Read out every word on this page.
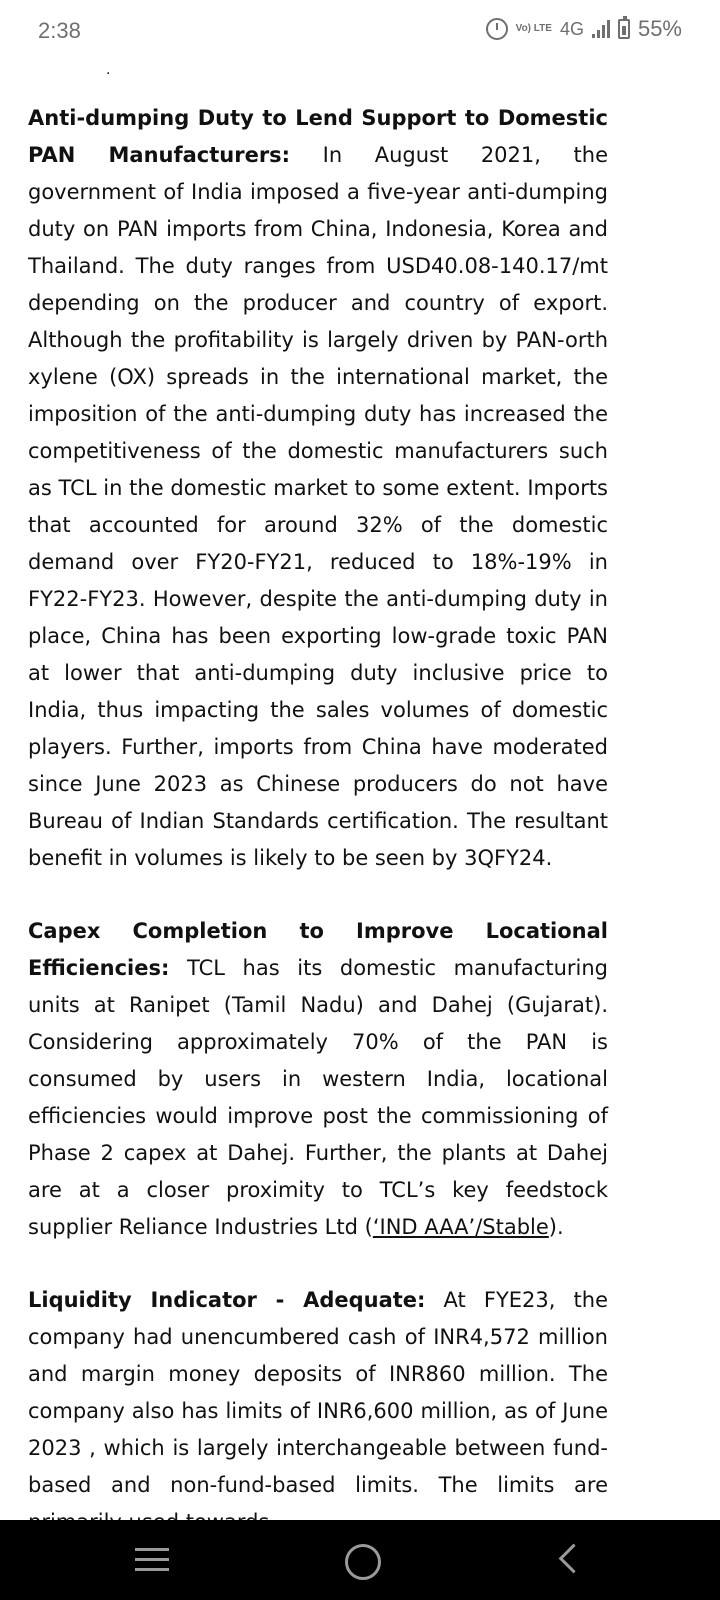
2:38	Vo) LTE 4G 55%
.

Anti-dumping Duty to Lend Support to Domestic PAN Manufacturers: In August 2021, the government of India imposed a five-year anti-dumping duty on PAN imports from China, Indonesia, Korea and Thailand. The duty ranges from USD40.08-140.17/mt depending on the producer and country of export. Although the profitability is largely driven by PAN-orth xylene (OX) spreads in the international market, the imposition of the anti-dumping duty has increased the competitiveness of the domestic manufacturers such as TCL in the domestic market to some extent. Imports that accounted for around 32% of the domestic demand over FY20-FY21, reduced to 18%-19% in FY22-FY23. However, despite the anti-dumping duty in place, China has been exporting low-grade toxic PAN at lower that anti-dumping duty inclusive price to India, thus impacting the sales volumes of domestic players. Further, imports from China have moderated since June 2023 as Chinese producers do not have Bureau of Indian Standards certification. The resultant benefit in volumes is likely to be seen by 3QFY24.

Capex Completion to Improve Locational Efficiencies: TCL has its domestic manufacturing units at Ranipet (Tamil Nadu) and Dahej (Gujarat). Considering approximately 70% of the PAN is consumed by users in western India, locational efficiencies would improve post the commissioning of Phase 2 capex at Dahej. Further, the plants at Dahej are at a closer proximity to TCL’s key feedstock supplier Reliance Industries Ltd (‘IND AAA’/Stable).

Liquidity Indicator - Adequate: At FYE23, the company had unencumbered cash of INR4,572 million and margin money deposits of INR860 million. The company also has limits of INR6,600 million, as of June 2023 , which is largely interchangeable between fund-based and non-fund-based limits. The limits are
